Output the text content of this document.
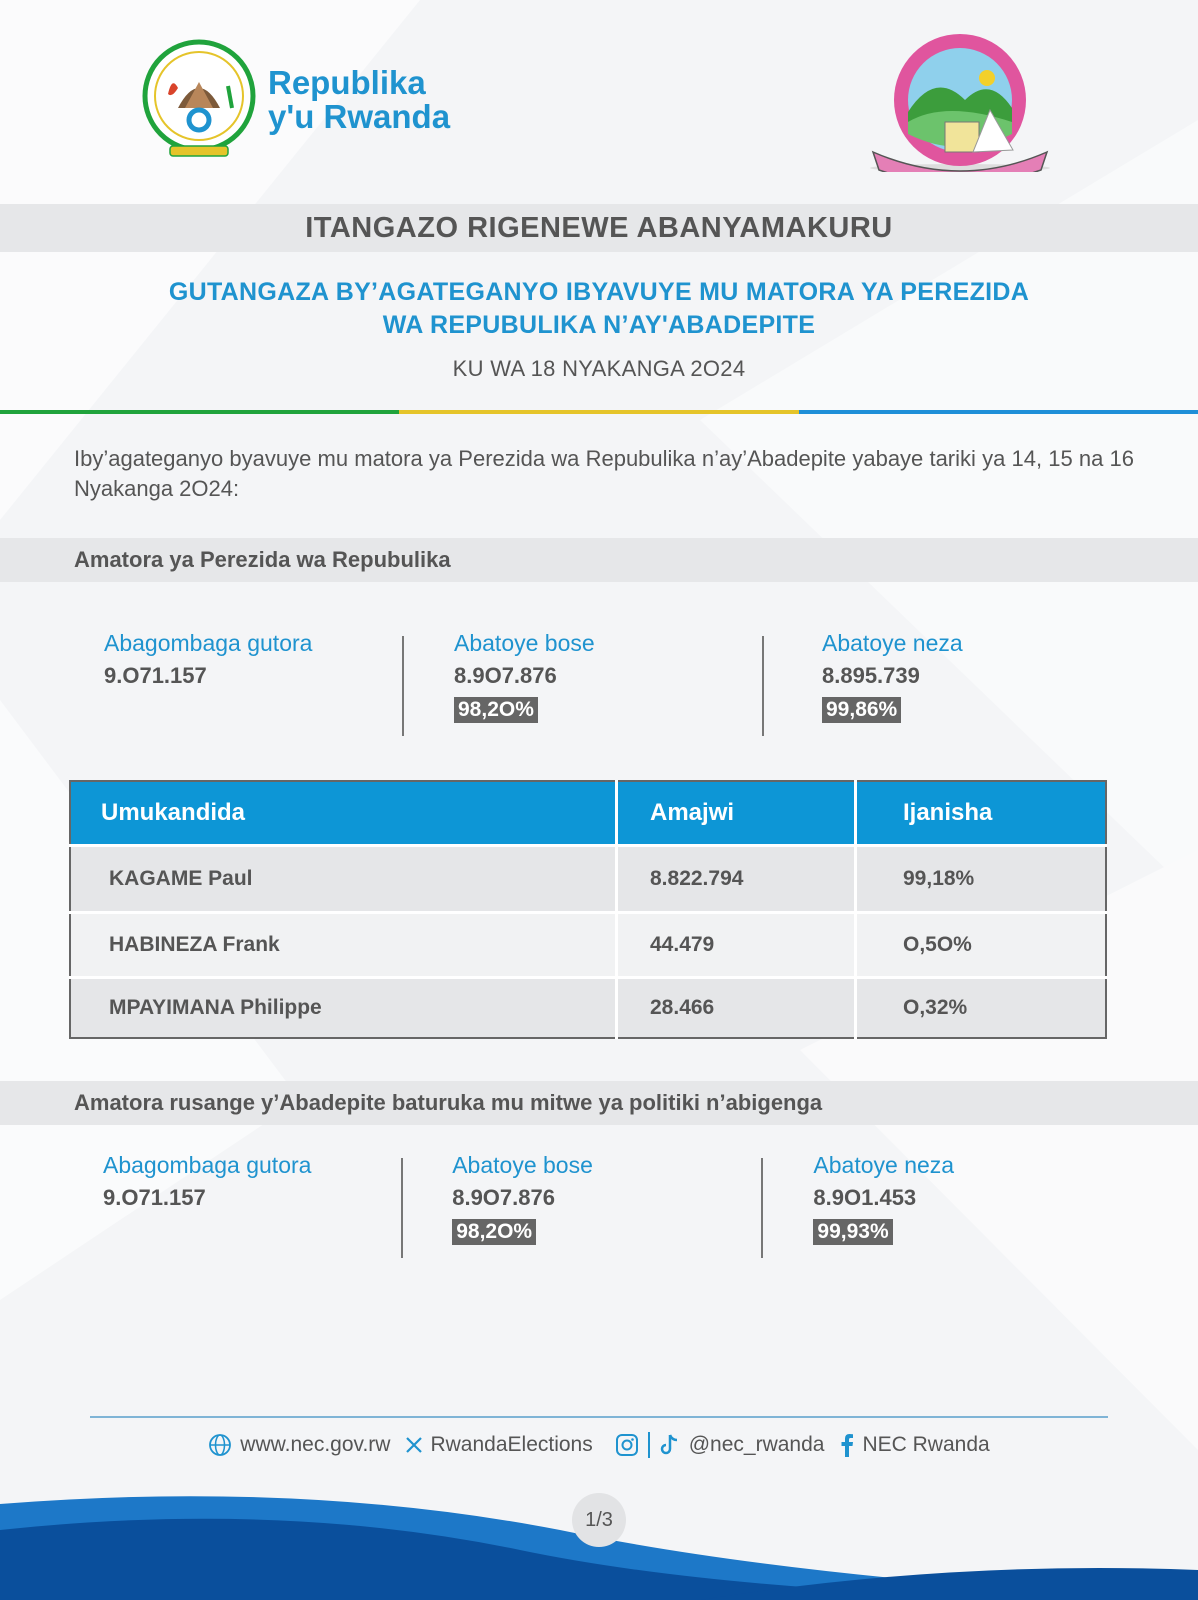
Republika
y'u Rwanda
ITANGAZO RIGENEWE ABANYAMAKURU
GUTANGAZA BY’AGATEGANYO IBYAVUYE MU MATORA YA PEREZIDA
WA REPUBULIKA N’AY'ABADEPITE
KU WA 18 NYAKANGA 2O24
Iby’agateganyo byavuye mu matora ya Perezida wa Repubulika n’ay’Abadepite yabaye tariki ya 14, 15 na 16 Nyakanga 2O24:
Amatora ya Perezida wa Repubulika
Abagombaga gutora
9.O71.157
Abatoye bose
8.9O7.876
98,2O%
Abatoye neza
8.895.739
99,86%
Umukandida	Amajwi	Ijanisha
KAGAME Paul	8.822.794	99,18%
HABINEZA Frank	44.479	O,5O%
MPAYIMANA Philippe	28.466	O,32%
Amatora rusange y’Abadepite baturuka mu mitwe ya politiki n’abigenga
Abagombaga gutora
9.O71.157
Abatoye bose
8.9O7.876
98,2O%
Abatoye neza
8.9O1.453
99,93%
www.nec.gov.rw RwandaElections	@nec_rwanda NEC Rwanda
1/3
